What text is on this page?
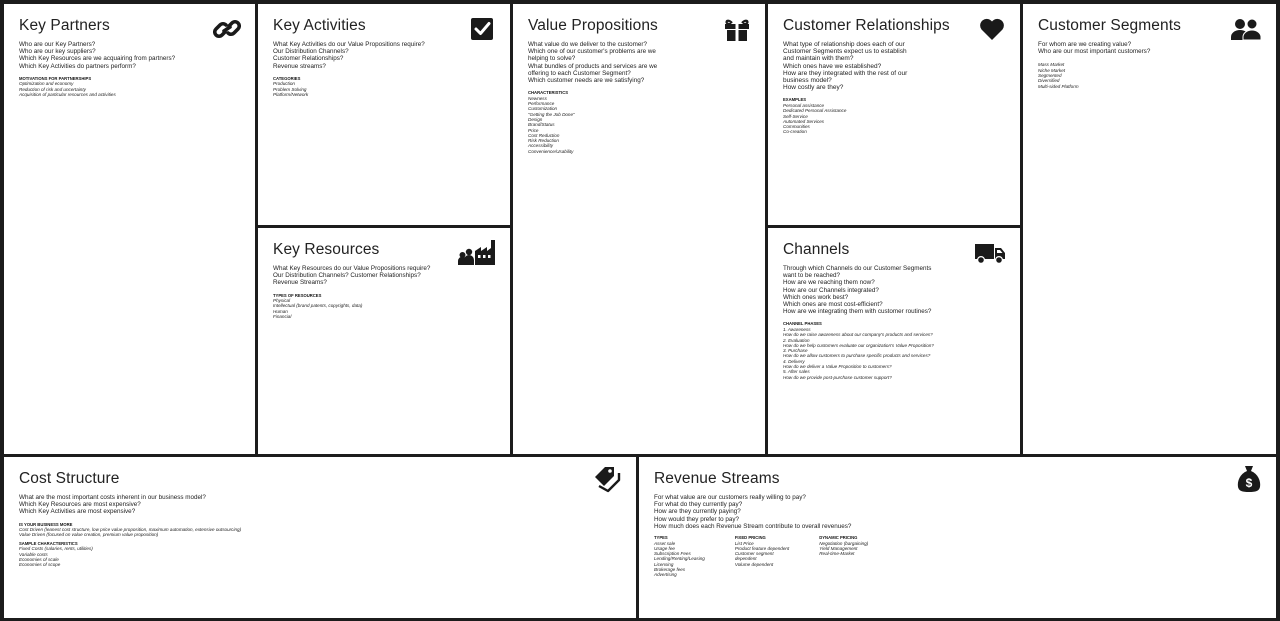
Key Partners
Who are our Key Partners?
Who are our key suppliers?
Which Key Resources are we acquairing from partners?
Which Key Activities do partners perform?
MOTIVATIONS FOR PARTNERSHIPS
Optimization and economy
Reduction of risk and uncertainty
Acquisition of particular resources and activities
Key Activities
What Key Activities do our Value Propositions require?
Our Distribution Channels?
Customer Relationships?
Revenue streams?
CATEGORIES
Production
Problem Solving
Platform/Network
Key Resources
What Key Resources do our Value Propositions require?
Our Distribution Channels? Customer Relationships?
Revenue Streams?
TYPES OF RESOURCES
Physical
Intellectual (brand patents, copyrights, data)
Human
Financial
Value Propositions
What value do we deliver to the customer?
Which one of our customer's problems are we
helping to solve?
What bundles of products and services are we
offering to each Customer Segment?
Which customer needs are we satisfying?
CHARACTERISTICS
Newness
Performance
Customization
"Getting the Job Done"
Design
Brand/Status
Price
Cost Reduction
Risk Reduction
Accessibility
Convenience/Usability
Customer Relationships
What type of relationship does each of our
Customer Segments expect us to establish
and maintain with them?
Which ones have we established?
How are they integrated with the rest of our
business model?
How costly are they?
EXAMPLES
Personal assistance
Dedicated Personal Assistance
Self-Service
Automated Services
Communities
Co-creation
Channels
Through which Channels do our Customer Segments
want to be reached?
How are we reaching them now?
How are our Channels integrated?
Which ones work best?
Which ones are most cost-efficient?
How are we integrating them with customer routines?
CHANNEL PHASES
1. Awareness
How do we raise awareness about our company's products and services?
2. Evaluation
How do we help customers evaluate our organization's Value Proposition?
3. Purchase
How do we allow customers to purchase specific products and services?
4. Delivery
How do we deliver a Value Proposition to customers?
5. After sales
How do we provide post-purchase customer support?
Customer Segments
For whom are we creating value?
Who are our most important customers?
Mass Market
Niche Market
Segmented
Diversified
Multi-sided Platform
Cost Structure
What are the most important costs inherent in our business model?
Which Key Resources are most expensive?
Which Key Activities are most expensive?
IS YOUR BUSINESS MORE
Cost Driven (leanest cost structure, low price value proposition, maximum automation, extensive outsourcing)
Value Driven (focused on value creation, premium value proposition)
SAMPLE CHARACTERISTICS
Fixed Costs (salaries, rents, utilities)
Variable costs
Economies of scale
Economies of scope
Revenue Streams	$
For what value are our customers really willing to pay?
For what do they currently pay?
How are they currently paying?
How would they prefer to pay?
How much does each Revenue Stream contribute to overall revenues?
TYPES
Asset sale
Usage fee
Subscription Fees
Lending/Renting/Leasing
Licensing
Brokerage fees
Advertising
FIXED PRICING
List Price
Product feature dependent
Customer segment
dependent
Volume dependent
DYNAMIC PRICING
Negotiation (bargaining)
Yield Management
Real-time-Market
